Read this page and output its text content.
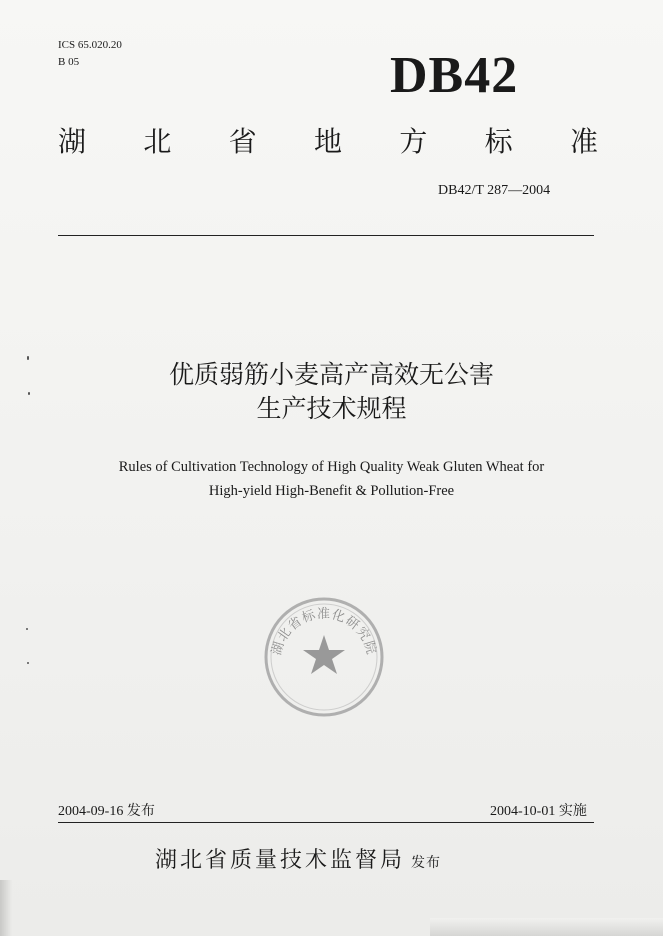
ICS 65.020.20
B 05	DB42
湖 北 省 地 方 标 准
DB42/T 287—2004
优质弱筋小麦高产高效无公害
生产技术规程
Rules of Cultivation Technology of High Quality Weak Gluten Wheat for
High-yield High-Benefit & Pollution-Free
湖北省标准化研究院
2004-09-16 发布	2004-10-01 实施
湖北省质量技术监督局 发布
